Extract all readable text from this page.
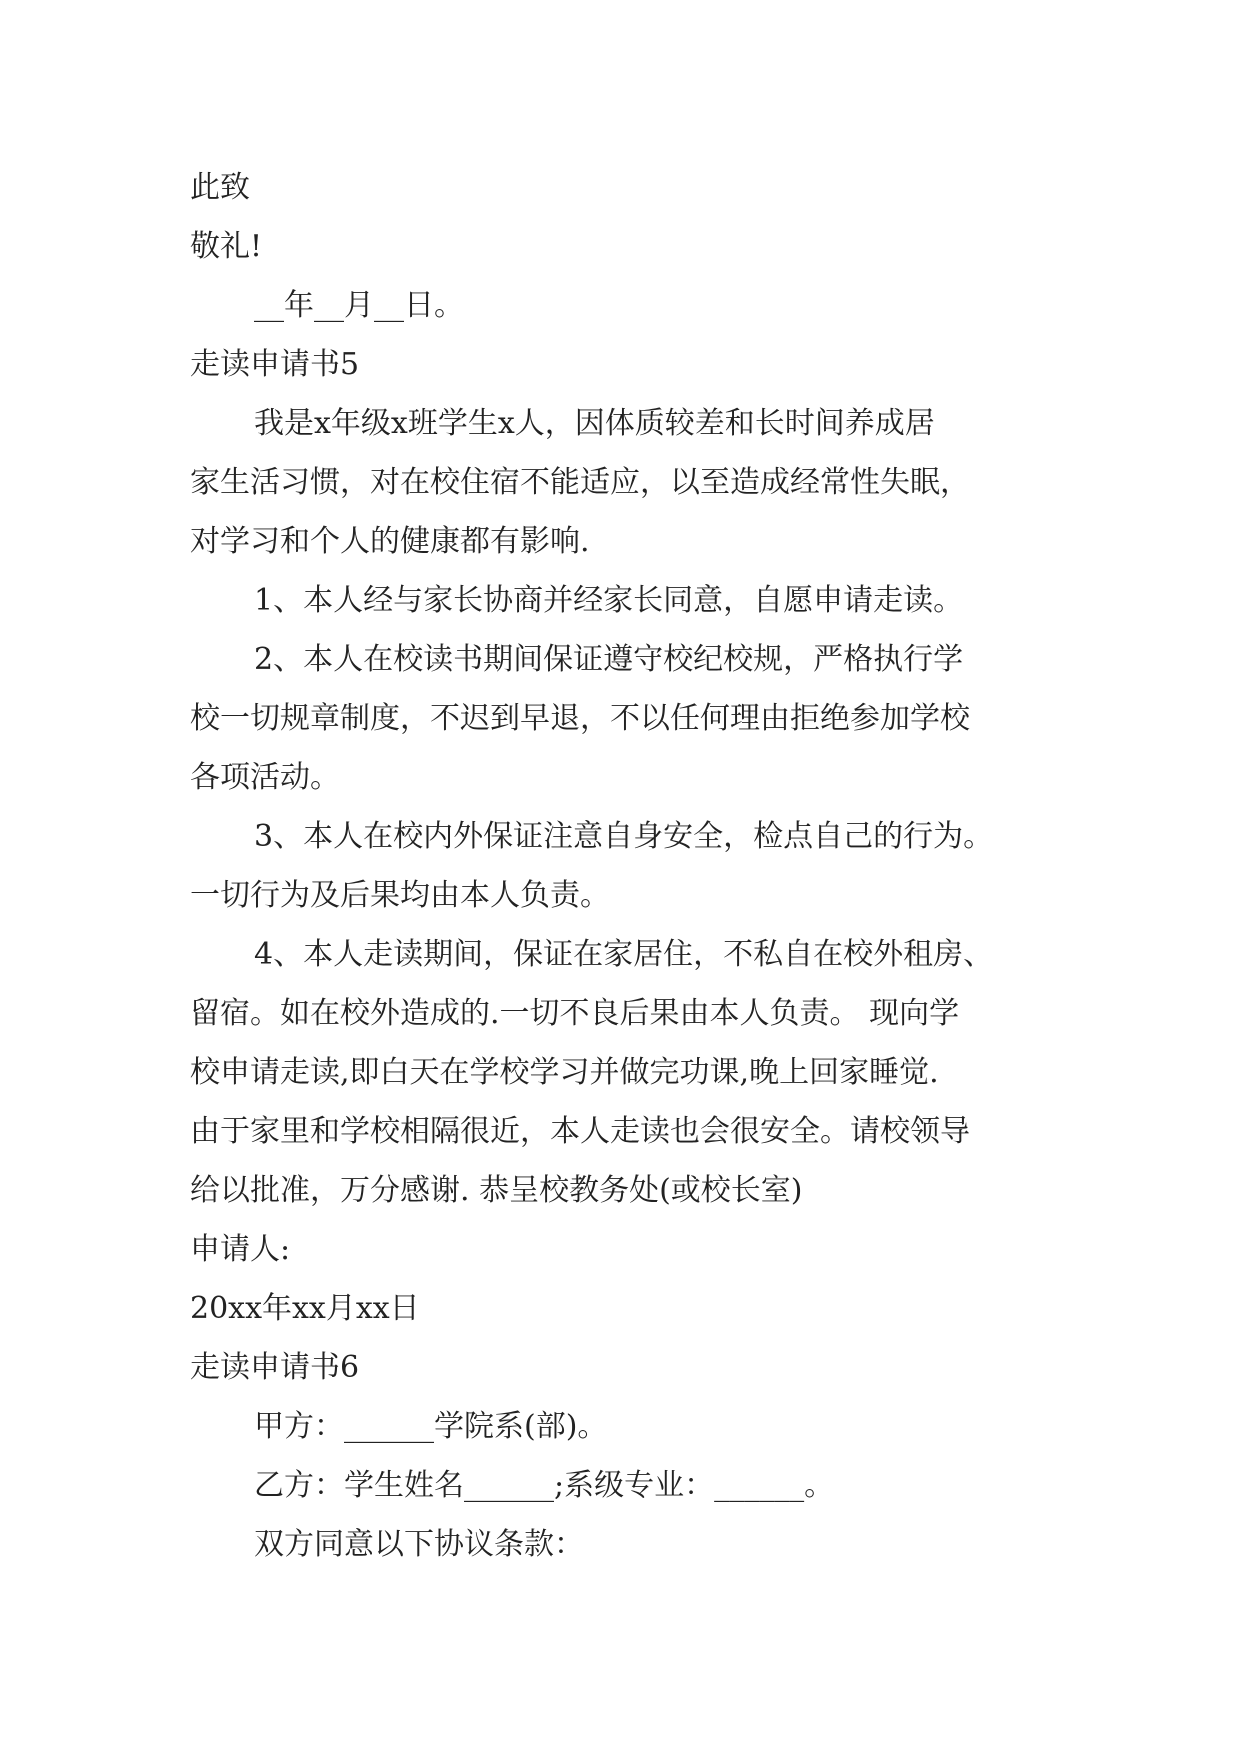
此致
敬礼!
__年__月__日。
走读申请书5
我是x年级x班学生x人，因体质较差和长时间养成居
家生活习惯，对在校住宿不能适应，以至造成经常性失眠，
对学习和个人的健康都有影响.
1、本人经与家长协商并经家长同意，自愿申请走读。
2、本人在校读书期间保证遵守校纪校规，严格执行学
校一切规章制度，不迟到早退，不以任何理由拒绝参加学校
各项活动。
3、本人在校内外保证注意自身安全，检点自己的行为。
一切行为及后果均由本人负责。
4、本人走读期间，保证在家居住，不私自在校外租房、
留宿。如在校外造成的.一切不良后果由本人负责。 现向学
校申请走读,即白天在学校学习并做完功课,晚上回家睡觉.
由于家里和学校相隔很近，本人走读也会很安全。请校领导
给以批准，万分感谢. 恭呈校教务处(或校长室)
申请人:
20xx年xx月xx日
走读申请书6
甲方：______学院系(部)。
乙方：学生姓名______;系级专业：______。
双方同意以下协议条款：
